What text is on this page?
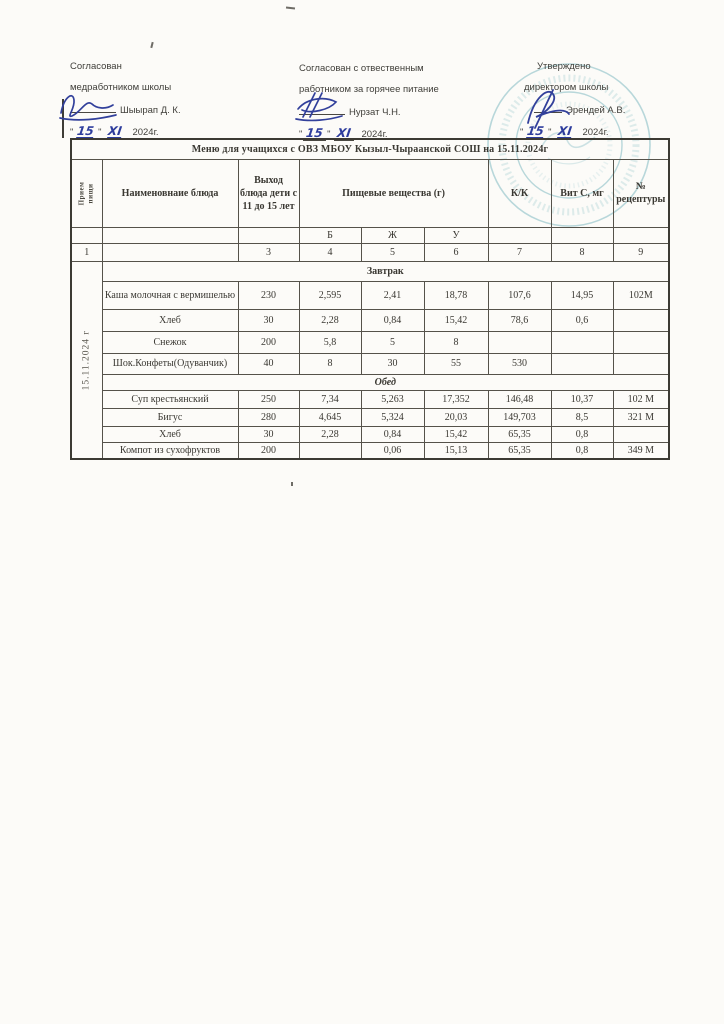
Согласован
медработником школы
Шыырап Д. К.
" 15 " XI 2024г.
Согласован с отвественным
работником за горячее питание
Нурзат Ч.Н.
" 15 " XI 2024г.
Утверждено
директором школы
Эрендей А.В.
" 15 " XI 2024г.
Меню для учащихся с ОВЗ МБОУ Кызыл-Чыраанской СОШ на 15.11.2024г								

Прием пищи	Наименовнаие блюда	Выход блюда дети с 11 до 15 лет	Пищевые вещества (г)			К/К	Вит С, мг	№ рецептуры
			Б	Ж	У			
1		3	4	5	6	7	8	9

15.11.2024 г	Завтрак							
	Каша молочная с вермишелью	230	2,595	2,41	18,78	107,6	14,95	102М
	Хлеб	30	2,28	0,84	15,42	78,6	0,6	
	Снежок	200	5,8	5	8			
	Шок.Конфеты(Одуванчик)	40	8	30	55	530		
	Обед							
	Суп крестьянский	250	7,34	5,263	17,352	146,48	10,37	102 М
	Бигус	280	4,645	5,324	20,03	149,703	8,5	321 М
	Хлеб	30	2,28	0,84	15,42	65,35	0,8	
	Компот из сухофруктов	200		0,06	15,13	65,35	0,8	349 М
